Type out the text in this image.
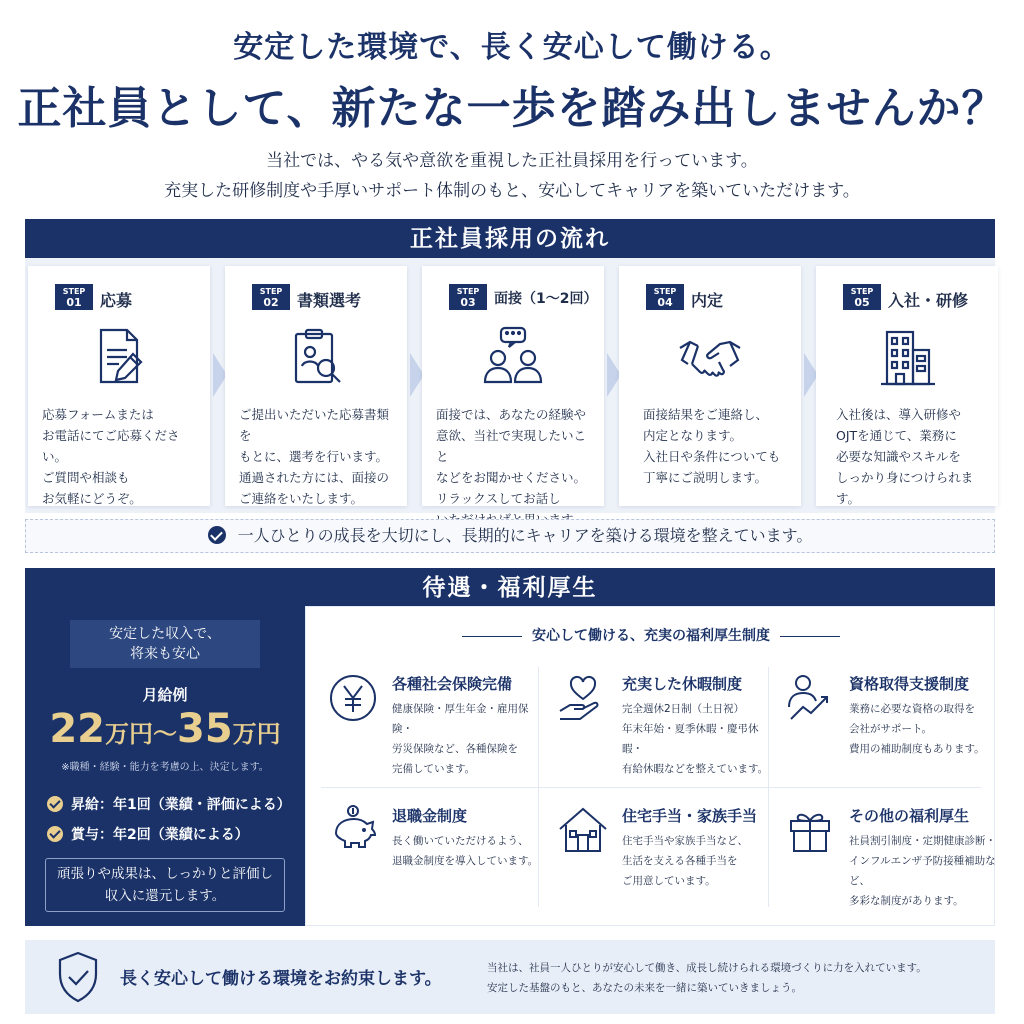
安定した環境で、長く安心して働ける。
正社員として、新たな一歩を踏み出しませんか？
当社では、やる気や意欲を重視した正社員採用を行っています。
充実した研修制度や手厚いサポート体制のもと、安心してキャリアを築いていただけます。
正社員採用の流れ
STEP
01	応募
応募フォームまたは
お電話にてご応募ください。
ご質問や相談も
お気軽にどうぞ。
STEP
02	書類選考
ご提出いただいた応募書類を
もとに、選考を行います。
通過された方には、面接の
ご連絡をいたします。
STEP
03	面接（1～2回）
面接では、あなたの経験や
意欲、当社で実現したいこと
などをお聞かせください。
リラックスしてお話し
STEP
04	内定
面接結果をご連絡し、
内定となります。
入社日や条件についても
丁寧にご説明します。
STEP
05	入社・研修
入社後は、導入研修や
OJTを通じて、業務に
必要な知識やスキルを
しっかり身につけられます。
一人ひとりの成長を大切にし、長期的にキャリアを築ける環境を整えています。
待遇・福利厚生
安定した収入で、
将来も安心
月給例
22万円～35万円
※職種・経験・能力を考慮の上、決定します。
昇給：年1回（業績・評価による）
賞与：年2回（業績による）
頑張りや成果は、しっかりと評価し
収入に還元します。
安心して働ける、充実の福利厚生制度
各種社会保険完備
健康保険・厚生年金・雇用保険・
労災保険など、各種保険を
完備しています。
充実した休暇制度
完全週休2日制（土日祝）
年末年始・夏季休暇・慶弔休暇・
有給休暇などを整えています。
資格取得支援制度
業務に必要な資格の取得を
会社がサポート。
費用の補助制度もあります。
退職金制度
長く働いていただけるよう、
退職金制度を導入しています。
住宅手当・家族手当
住宅手当や家族手当など、
生活を支える各種手当を
ご用意しています。
その他の福利厚生
社員割引制度・定期健康診断・
インフルエンザ予防接種補助など、
多彩な制度があります。
長く安心して働ける環境をお約束します。
当社は、社員一人ひとりが安心して働き、成長し続けられる環境づくりに力を入れています。
安定した基盤のもと、あなたの未来を一緒に築いていきましょう。
